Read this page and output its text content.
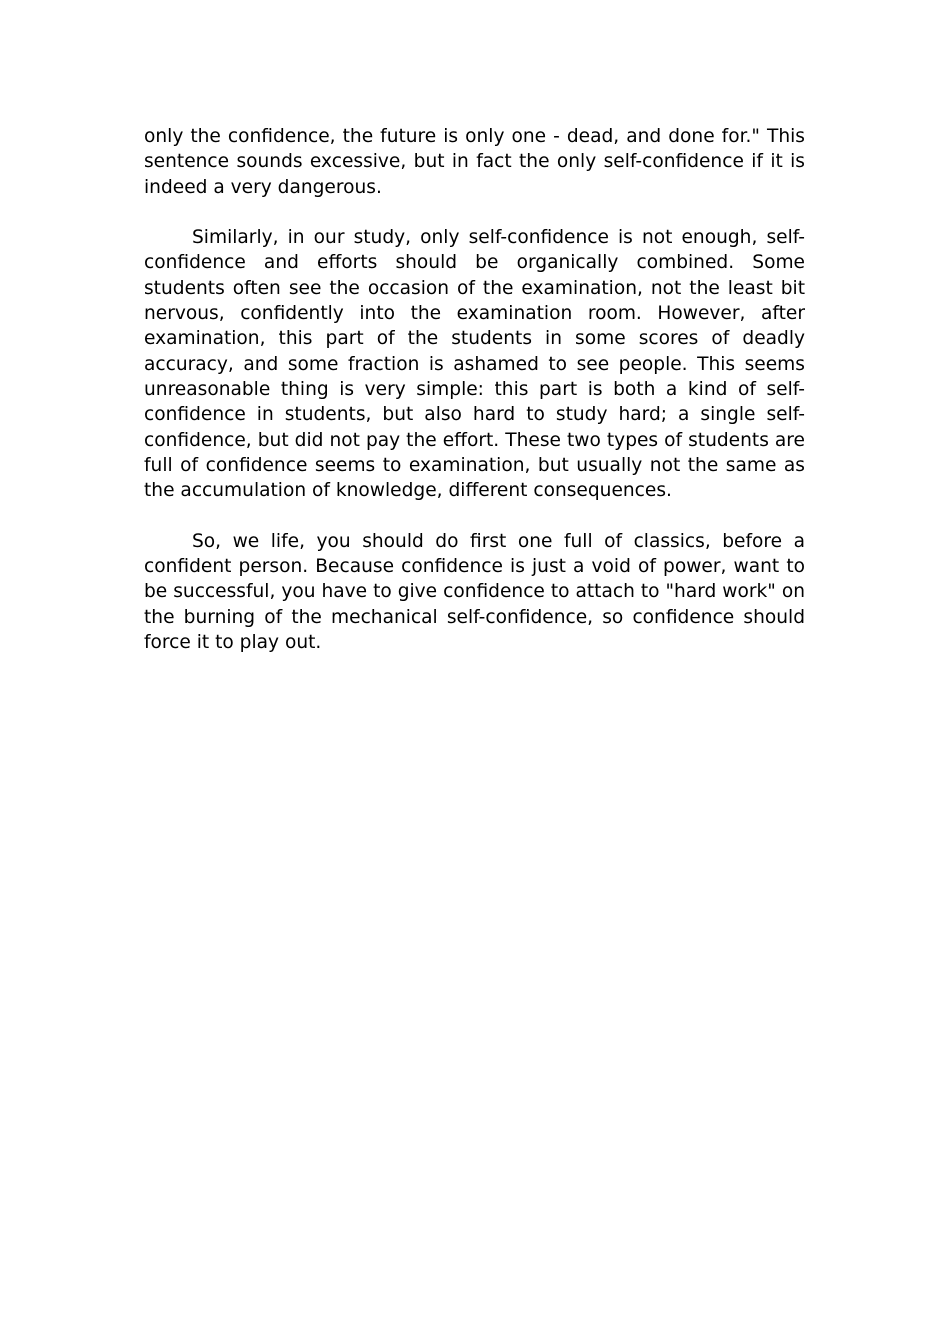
only the confidence, the future is only one - dead, and done for." This sentence sounds excessive, but in fact the only self-confidence if it is indeed a very dangerous.

Similarly, in our study, only self-confidence is not enough, self-confidence and efforts should be organically combined. Some students often see the occasion of the examination, not the least bit nervous, confidently into the examination room. However, after examination, this part of the students in some scores of deadly accuracy, and some fraction is ashamed to see people. This seems unreasonable thing is very simple: this part is both a kind of self-confidence in students, but also hard to study hard; a single self-confidence, but did not pay the effort. These two types of students are full of confidence seems to examination, but usually not the same as the accumulation of knowledge, different consequences.

So, we life, you should do first one full of classics, before a confident person. Because confidence is just a void of power, want to be successful, you have to give confidence to attach to "hard work" on the burning of the mechanical self-confidence, so confidence should force it to play out.
